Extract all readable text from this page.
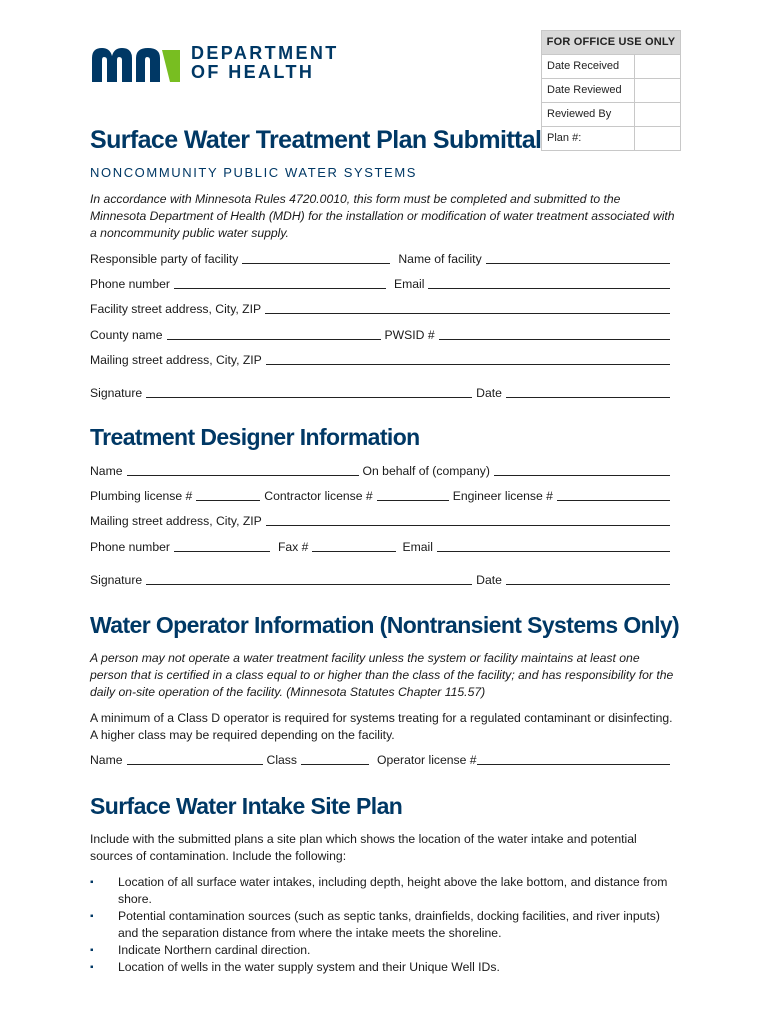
DEPARTMENT
OF HEALTH
FOR OFFICE USE ONLY
Date Received
Date Reviewed
Reviewed By
Plan #:
Surface Water Treatment Plan Submittal
NONCOMMUNITY PUBLIC WATER SYSTEMS
In accordance with Minnesota Rules 4720.0010, this form must be completed and submitted to the Minnesota Department of Health (MDH) for the installation or modification of water treatment associated with a noncommunity public water supply.
Responsible party of facility	Name of facility
Phone number	Email
Facility street address, City, ZIP
County name	PWSID #
Mailing street address, City, ZIP
Signature	Date
Treatment Designer Information
Name	On behalf of (company)
Plumbing license #	Contractor license #	Engineer license #
Mailing street address, City, ZIP
Phone number	Fax #	Email
Signature	Date
Water Operator Information (Nontransient Systems Only)
A person may not operate a water treatment facility unless the system or facility maintains at least one person that is certified in a class equal to or higher than the class of the facility; and has responsibility for the daily on-site operation of the facility. (Minnesota Statutes Chapter 115.57)
A minimum of a Class D operator is required for systems treating for a regulated contaminant or disinfecting. A higher class may be required depending on the facility.
Name	Class	Operator license #
Surface Water Intake Site Plan
Include with the submitted plans a site plan which shows the location of the water intake and potential sources of contamination. Include the following:
▪ Location of all surface water intakes, including depth, height above the lake bottom, and distance from shore.
▪ Potential contamination sources (such as septic tanks, drainfields, docking facilities, and river inputs) and the separation distance from where the intake meets the shoreline.
▪ Indicate Northern cardinal direction.
▪ Location of wells in the water supply system and their Unique Well IDs.
